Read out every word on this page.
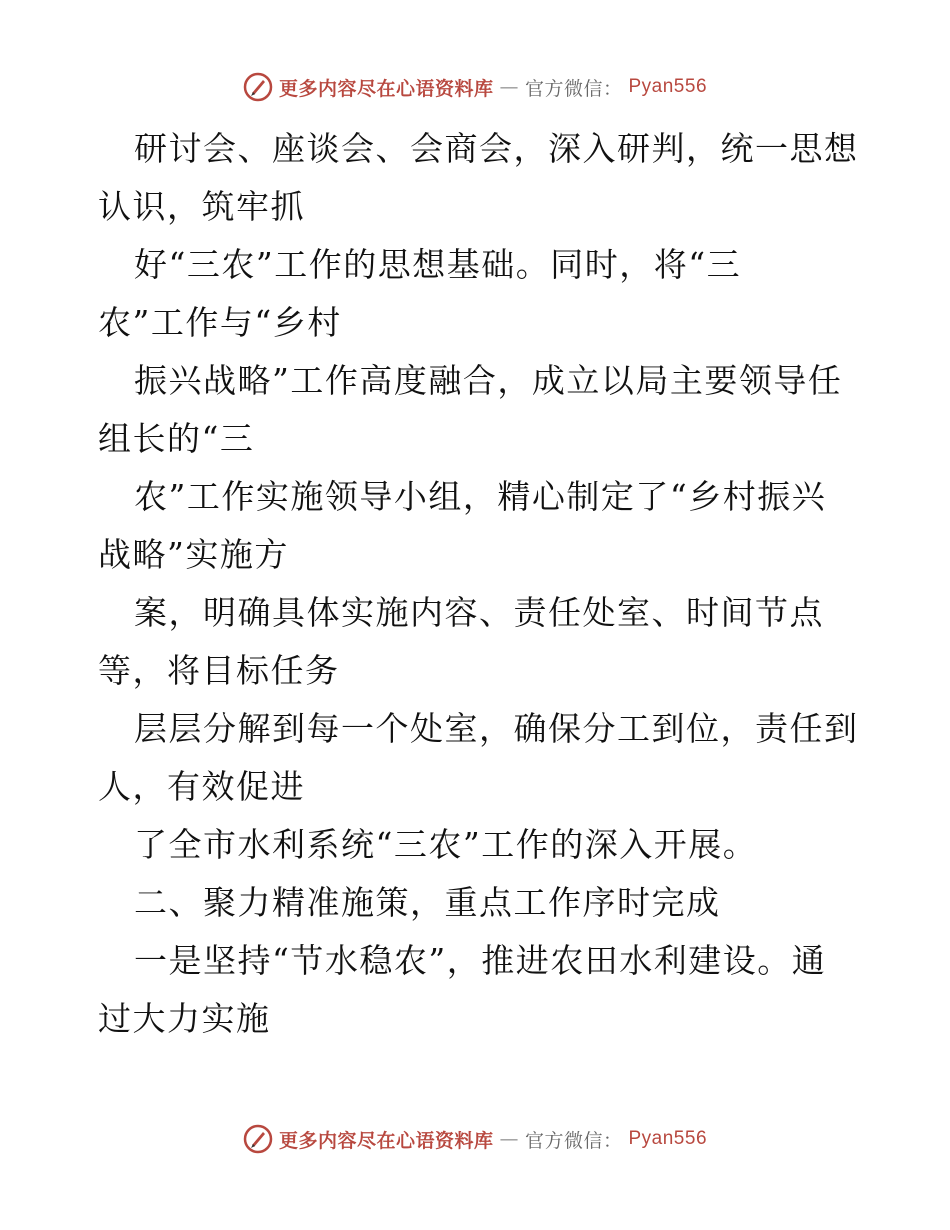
更多内容尽在心语资料库 — 官方微信： Pyan556
研讨会、座谈会、会商会，深入研判，统一思想
认识，筑牢抓
好“三农”工作的思想基础。同时，将“三
农”工作与“乡村
振兴战略”工作高度融合，成立以局主要领导任
组长的“三
农”工作实施领导小组，精心制定了“乡村振兴
战略”实施方
案，明确具体实施内容、责任处室、时间节点
等，将目标任务
层层分解到每一个处室，确保分工到位，责任到
人，有效促进
了全市水利系统“三农”工作的深入开展。
二、聚力精准施策，重点工作序时完成
一是坚持“节水稳农”，推进农田水利建设。通
过大力实施
更多内容尽在心语资料库 — 官方微信： Pyan556
